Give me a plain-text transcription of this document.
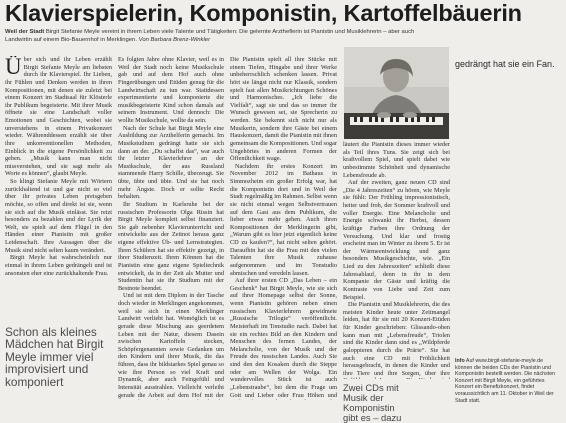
Klavierspielerin, Komponistin, Kartoffelbäuerin
Weil der Stadt Birgit Stefanie Meyle vereint in ihrem Leben viele Talente und Tätigkeiten: Die gelernte Arztheflerin ist Pianistin und Musiklehrerin – aber auch Landwirtin auf einem Bio-Bauernhof in Merklingen. Von Barbara Brenz-Winkler
Ü ber sich und ihr Leben erzählt Birgit Stefanie Meyle am liebsten durch ihr Klavierspiel. Ihr Lieben, ihr Fühlen und Denken werden in ihren Kompositionen, mit denen sie zuletzt bei einem Konzert im Stadtsaal für Klösterle ihr Publikum begeisterte. Mit ihrer Musik öffnete sie eine Landschaft voller Emotionen und Geschichten, wobei sie unverstehens in einem Privatkonzert wieder. Währenddessen erzählt sie über ihre unkonventionellen Methoden, Einblick in die eigene Persönlichkeit zu geben. „Musik kann man nicht missverstehen, und sie sagt mehr als Worte es können“, glaubt Meyle.

So klingt Stefanie Meyle mit Wörtern zurückhaltend ist und gar nicht so viel über ihr privates Leben preisgeben möchte, so offen und direkt ist sie, wenn sie sich auf die Musik einlässt. Sie reizt besonders zu bezahlen und der Lyrik der Welt, sie spielt auf dem Flügel in den Händen einer Pianistin mit großer Leidenschaft. Ihre Aussagen über die Musik sind nicht selten kaum verändert.

Birgit Meyle hat wahrscheinlich nur einmal in ihrem Leben gedrängelt und ist ansonsten eher eine zurückhaltende Frau.

Schon als kleines Mädchen hat Birgit Meyle immer viel improvisiert und komponiert

Es folgten Jahre ohne Klavier, weil es in Weil der Stadt noch keine Musikschule gab und auf dem Hof auch ohne Fingerübungen und Etüden genug für die Landwirtschaft zu tun war. Stattdessen experimentierte und komponierte die musikbegeisterte Kind schon damals auf seinem Instrument. Und dennoch: Die wollte Musikschule, wollte da sein.

Nach der Schule hat Birgit Meyle eine Ausbildung zur Arzthelferin gemacht. Im Musikstudium gedrängt hatte sie sich dann an der. „Du schaffst das“, war auch ihr letzter Klavierlehrer an der Musikschule, der aus Russland stammende Harry Schille, überzeugt. Sie übte, übte und übte. Und sie hat noch mehr Ängste. Doch er sollte Recht behalten.

Ihr Studium in Karlsruhe bei der russischen Professorin Olga Rissin hat Birgit Meyle komplett selbst finanziert. Sie gab nebenher Klavierunterricht und entwickelte aus der Zeitnot heraus ganz eigene effektive Üb- und Lernstrategien. Ihren Schülern hat sie effektiv gezeigt, in ihrer Studienzeit. Ihren Können hat die Pianistin eine ganz eigene Spieltechnik entwickelt, da in der Zeit als Mutter und Studentin hat sie ihr Studium mit der Bestnote beendet.

Und ist mit dem Diplom in der Tasche doch wieder in Merklingen angekommen, weil sie sich in einen Merklinger Landwirt verliebt hat. Womöglich ist es gerade diese Mischung aus geerdetem Leben mit der Natur, diesem Dasein zwischen Kartoffeln stecken, Schöpfergenannten sowie Gedanken um den Kindern und ihrer Musik, die das führen, dass ihr bildstarkes Spiel genau so wie ihre Person so viel Kraft und Dynamik, aber auch Feingefühl und Intensität ausstrahlen. Vielleicht verleiht gerade die Arbeit auf dem Hof mit der

Die Pianistin spielt all ihre Stücke mit einem Tiefen, Hingabe und ihrer Werke unbeherrschlich schenken lassen. Privat hört sie längst nicht nur Klassik, sondern spielt fast allen Musikrichtungen Schönes und Harmonisches. „Ich liebe die Vielfalt“, sagt sie und das so immer ihr Wunsch gewesen sei, sie Sprecherin zu werden. Sie bekennt sich nicht nur als Musikerin, sondern ihre Gäste bei einem Hauskonzert, damit die Pianistin mit ihnen gemeinsam die Kompositionen. Und sogar Ungehörtes in anderen Formen der Öffentlichkeit wage.

Nachdem ihr erstes Konzert im November 2012 im Bathaus in Simmozheim ein großer Erfolg war, hat die Komponistin dort und in Weil der Stadt regelmäßig im Rahmen. Selbst wenn sie nicht einmal wegen Selbstvertrauen auf dem Gast aus dem Publikum, die lieber etwas mehr gehen. Auch ihren Kompositionen der Merklingerin gibt, „Warum gibt es hier jetzt eigentlich keine CD zu kaufen?“, hat nicht selten gehört. Daraufhin hat sie die Frau mit den vielen Talenten ihre Musik zuhause aufgenommen und im Tonstudio abmischen und veredeln lassen.

Auf ihrer ersten CD „Das Leben – ein Geschenk“ hat Birgit Meyle, wie sie sich auf ihrer Homepage selbst der Sonne, wenn Pianistin gehören neben einen russischen Klavierlehrern gewidmete „Russische Trilogie“ veröffentlicht. Meisterhaft im Tonstudio nach. Dabei hat sie ein rechtes Bild an den Kindern und Menschen des fernen Landes, der Melancholie, von der Musik und der Freude des russischen Landes. Auch Sie sind den den Kosaken durch die Steppe oder am Wellen der Wolga. Ein wundervolles Stück ist auch „Lebenstraube“, bei dem die Frage um Gott und Lieber oder Frau Höhen und

läutert die Pianistin dieses immer wieder als Teil ihres Tuns. Sie zeigt sich bei kraftvollem Spiel, und spielt dabei wie unbestimmte Schönheit und dynamische Lebensfreude ab.

Auf der zweiten, ganz neuen CD sind „Die 4 Jahreszeiten“ zu hören, wie Meyle sie fühlt: Der Frühling impressionistisch, heiter und froh, der Sommer kraftvoll und voller Energie. Eine Melancholie und Energie schwankt ihr Herbst, dessen kräftige Farben ihre Ordnung der Versuchung. Und klar und frostig erscheint man im Winter zu ihrem 5. Er ist der Wärmeentwicklung und ganz besonders Musikgeschichte, wie. „Ein Lied zu den Jahreszeiten“ schließt diese Jahresablauf, denn in ihr in dem Kompanie der Gäste und kräftig die Kontraste von Liebe und Zeit zum Beispiel.

Die Pianistin und Musiklehrerin, die des meisten Kinder heute unter Zeitmangel leiden, hat für sie mit 20 Konzert-Etüden für Kinder geschrieben: Glissando-oben kann man mit „Lebensfreude“, Triolen sind die Kinder dann sind es „Wildpferde galoppieren durch die Prärie“. Sie hat auch eine CD mit Fröhlichkeit herausgebracht, in denen die Kinder und ihre Tiere und ihre Sorgen, über ihre

Zwei CDs mit Musik der Komponistin gibt es – dazu

gedrängt hat sie ein Fan.

Info Auf www.birgit-stefanie-meyle.de können die beiden CDs der Pianistin und Komponistin bestellt werden. Die nächsten Konzert mit Birgit Meyle, ein geführtes Konzert ein Benefizkonzert, findet voraussichtlich am 11. Oktober in Weil der Stadt statt.
